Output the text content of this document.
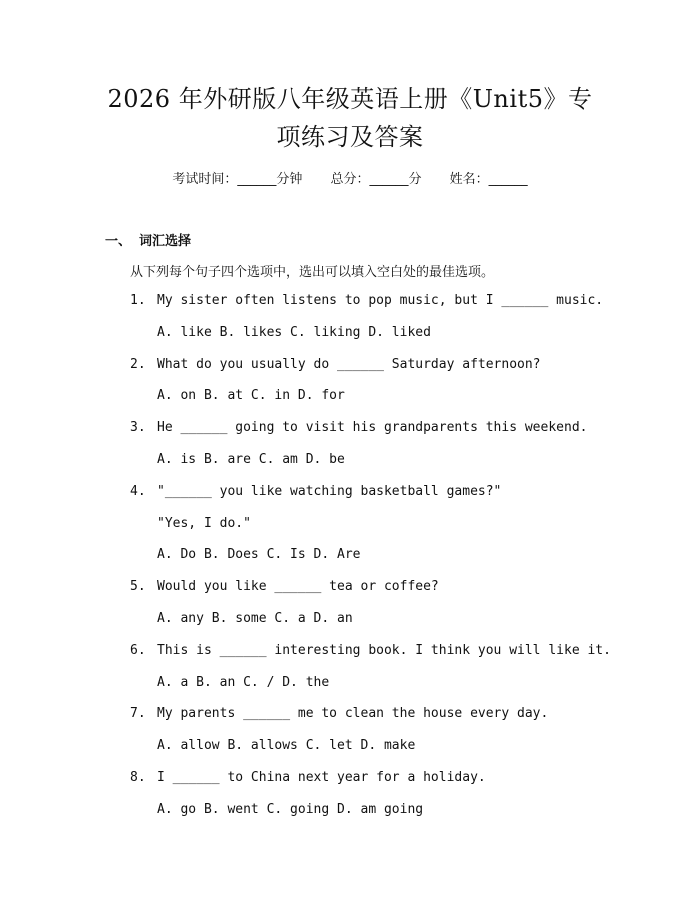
2026 年外研版八年级英语上册《Unit5》专
项练习及答案
考试时间：______分钟 总分：______分 姓名：______
一、 词汇选择
从下列每个句子四个选项中，选出可以填入空白处的最佳选项。
1. My sister often listens to pop music, but I ______ music.
A. like B. likes C. liking D. liked
2. What do you usually do ______ Saturday afternoon?
A. on B. at C. in D. for
3. He ______ going to visit his grandparents this weekend.
A. is B. are C. am D. be
4. "______ you like watching basketball games?"
"Yes, I do."
A. Do B. Does C. Is D. Are
5. Would you like ______ tea or coffee?
A. any B. some C. a D. an
6. This is ______ interesting book. I think you will like it.
A. a B. an C. / D. the
7. My parents ______ me to clean the house every day.
A. allow B. allows C. let D. make
8. I ______ to China next year for a holiday.
A. go B. went C. going D. am going
